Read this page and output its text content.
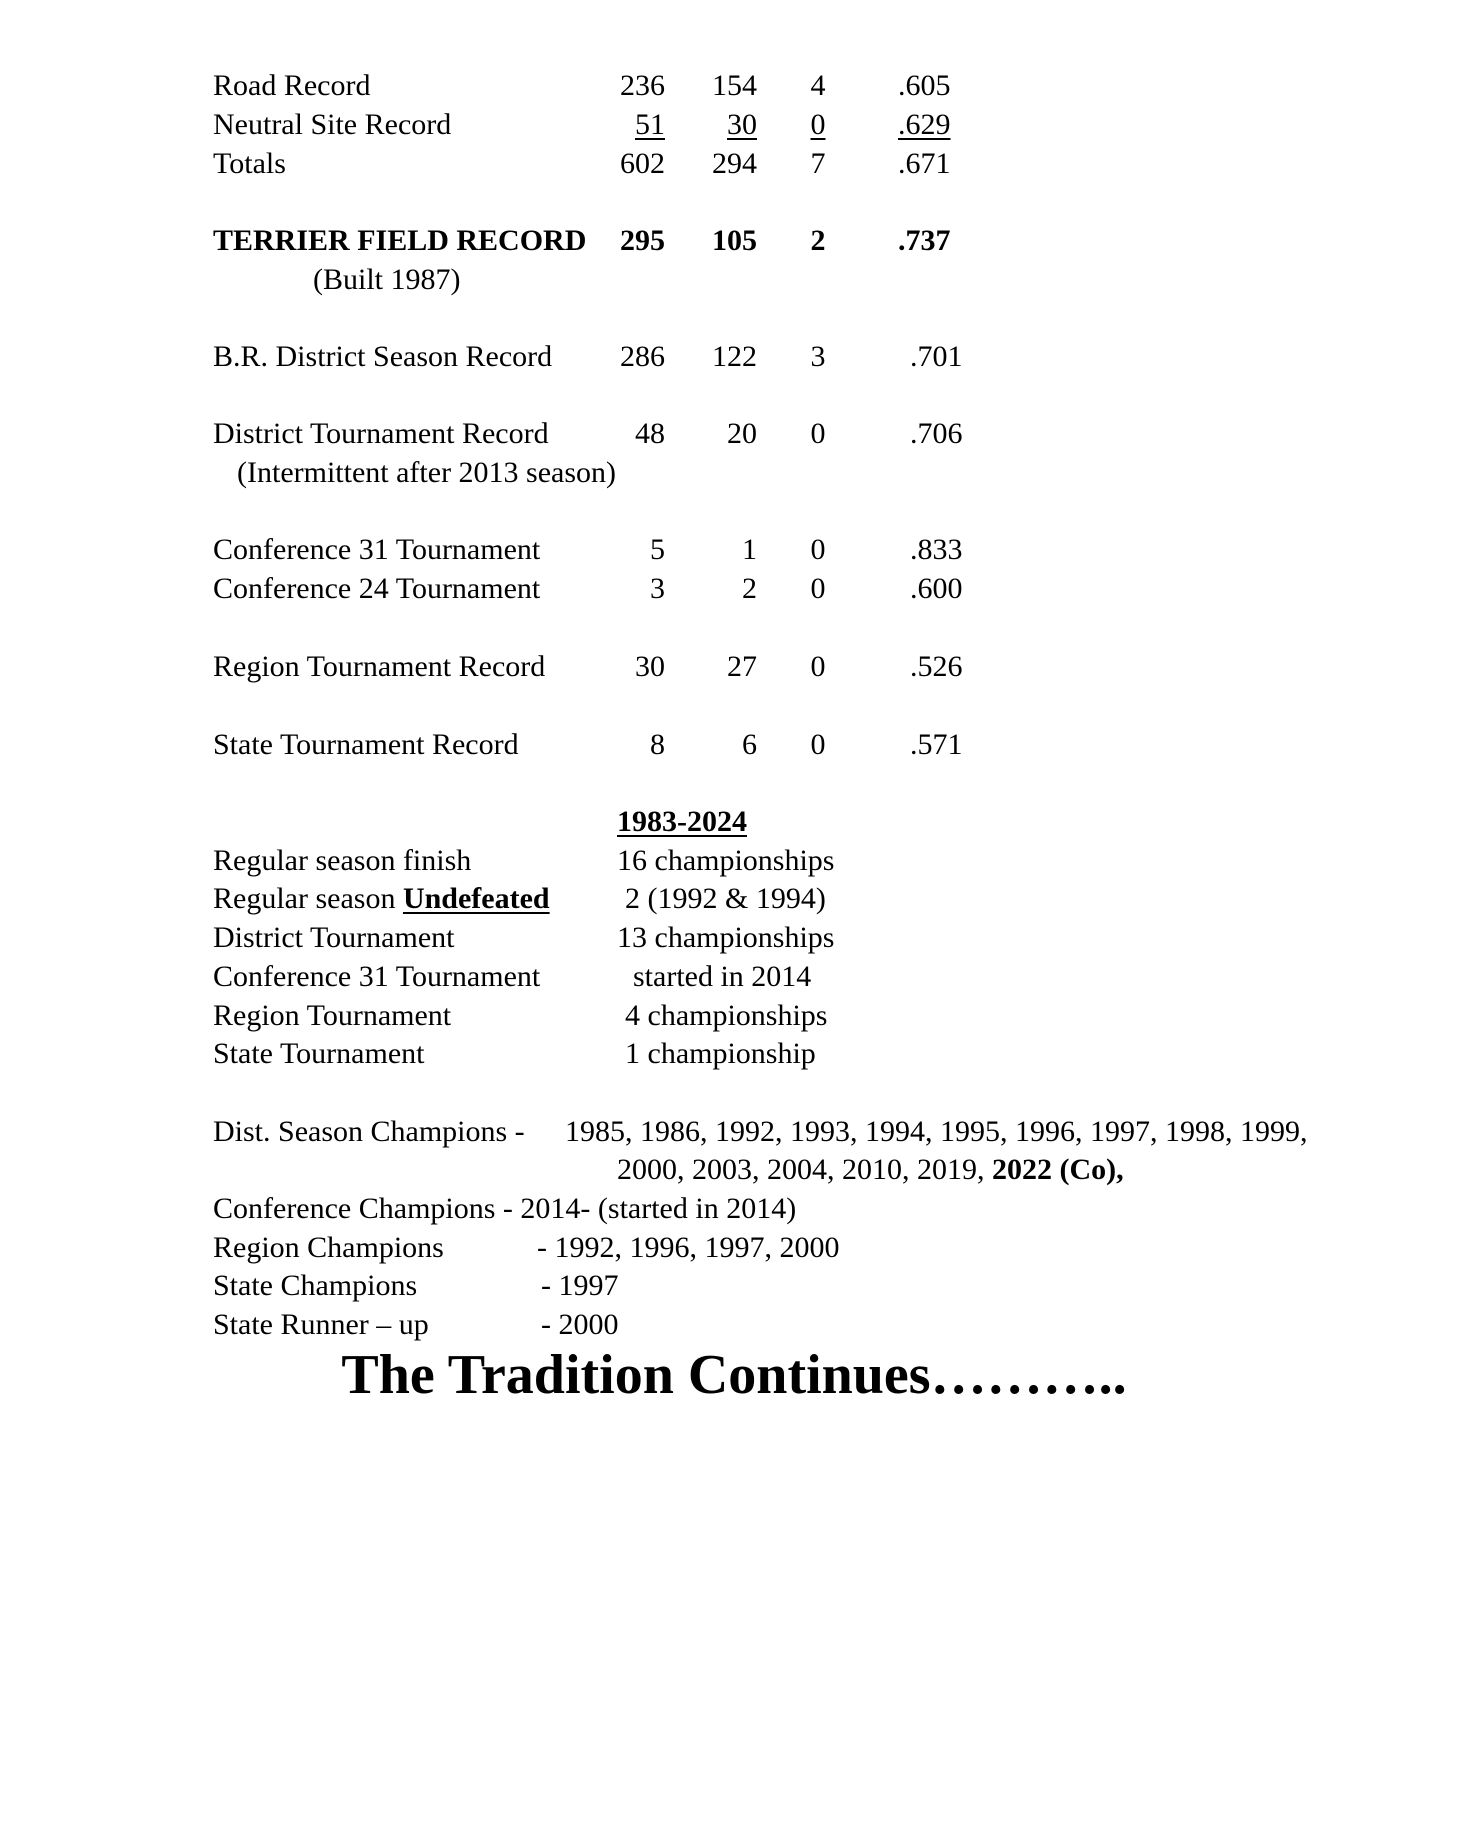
Road Record	236	154	4	.605
Neutral Site Record	51	30	0	.629
Totals	602	294	7	.671
TERRIER FIELD RECORD	295	105	2	.737
(Built 1987)
B.R. District Season Record	286	122	3	.701
District Tournament Record	48	20	0	.706
(Intermittent after 2013 season)
Conference 31 Tournament	5	1	0	.833
Conference 24 Tournament	3	2	0	.600
Region Tournament Record	30	27	0	.526
State Tournament Record	8	6	0	.571
1983-2024
Regular season finish	16 championships
Regular season Undefeated	2 (1992 & 1994)
District Tournament	13 championships
Conference 31 Tournament	started in 2014
Region Tournament	4 championships
State Tournament	1 championship
Dist. Season Champions - 1985, 1986, 1992, 1993, 1994, 1995, 1996, 1997, 1998, 1999,
2000, 2003, 2004, 2010, 2019, 2022 (Co),
Conference Champions - 2014- (started in 2014)
Region Champions	- 1992, 1996, 1997, 2000
State Champions	- 1997
State Runner – up	- 2000
The Tradition Continues………..
